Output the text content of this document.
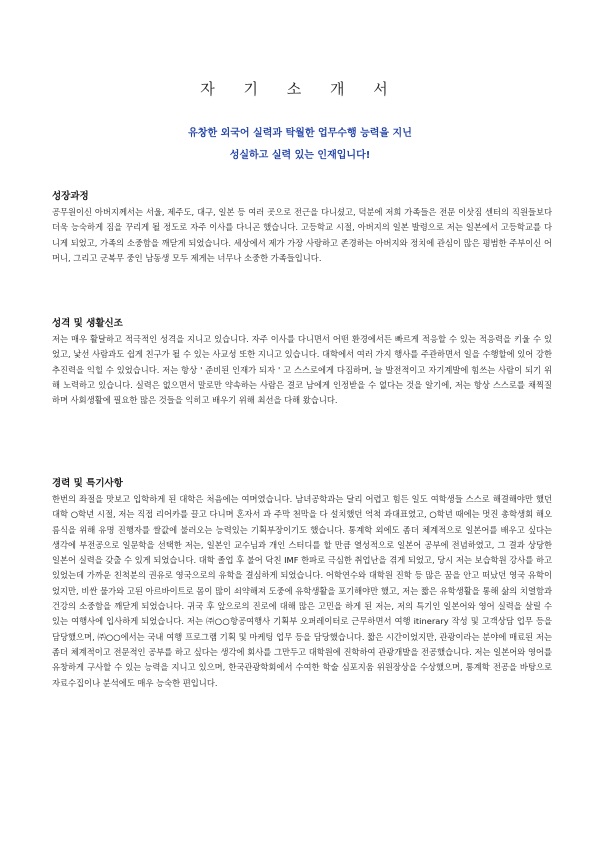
자 기 소 개 서

유창한 외국어 실력과 탁월한 업무수행 능력을 지닌

성실하고 실력 있는 인재입니다!

성장과정

공무원이신 아버지께서는 서울, 제주도, 대구, 일본 등 여러 곳으로 전근을 다니셨고, 덕분에 저희 가족들은 전문 이삿짐 센터의 직원들보다 더욱 능숙하게 짐을 꾸리게 될 정도로 자주 이사를 다니곤 했습니다. 고등학교 시절, 아버지의 일본 발령으로 저는 일본에서 고등학교를 다니게 되었고, 가족의 소중함을 깨닫게 되었습니다. 세상에서 제가 가장 사랑하고 존경하는 아버지와 정치에 관심이 많은 평범한 주부이신 어머니, 그리고 군복무 중인 남동생 모두 제게는 너무나 소중한 가족들입니다.

성격 및 생활신조

저는 매우 활달하고 적극적인 성격을 지니고 있습니다. 자주 이사를 다니면서 어떤 환경에서든 빠르게 적응할 수 있는 적응력을 키울 수 있었고, 낯선 사람과도 쉽게 친구가 될 수 있는 사교성 또한 지니고 있습니다. 대학에서 여러 가지 행사를 주관하면서 일을 수행할에 있어 강한 추진력을 익힐 수 있었습니다. 저는 항상 ' 준비된 인재가 되자 ' 고 스스로에게 다짐하며, 늘 발전적이고 자기계발에 힘쓰는 사람이 되기 위해 노력하고 있습니다. 실력은 없으면서 말로만 약속하는 사람은 결코 남에게 인정받을 수 없다는 것을 알기에, 저는 항상 스스로를 채찍질하며 사회생활에 필요한 많은 것들을 익히고 배우기 위해 최선을 다해 왔습니다.

경력 및 특기사항

한번의 좌절을 맛보고 입학하게 된 대학은 처음에는 여며였습니다. 남녀공학과는 달리 어렵고 힘든 일도 여학생들 스스로 해결해야만 했던 대학 ○학년 시절, 저는 직접 리어카를 끌고 다니며 혼자서 과 주막 천막을 다 설치했던 억척 과대표였고, ○학년 때에는 멋진 총학생회 해오름식을 위해 유명 진행자를 쌀값에 불러오는 능력있는 기획부장이기도 했습니다. 통계학 외에도 좀더 체계적으로 일본어를 배우고 싶다는 생각에 부전공으로 일문학을 선택한 저는, 일본인 교수님과 개인 스터디를 할 만큼 열성적으로 일본어 공부에 전념하였고, 그 결과 상당한 일본어 실력을 갖출 수 있게 되었습니다. 대학 졸업 후 불어 닥친 IMF 한파로 극심한 취업난을 겪게 되었고, 당시 저는 보습학원 강사를 하고 있었는데 가까운 친척분의 권유로 영국으로의 유학을 결심하게 되었습니다. 어학연수와 대학원 진학 등 많은 꿈을 안고 떠났던 영국 유학이었지만, 비싼 물가와 고된 아르바이트로 몸이 많이 쇠약해져 도중에 유학생활을 포기해야만 했고, 저는 짧은 유학생활을 통해 삶의 치열함과 건강의 소중함을 깨닫게 되었습니다. 귀국 후 앞으로의 진로에 대해 많은 고민을 하게 된 저는, 저의 특기인 일본어와 영어 실력을 살릴 수 있는 여행사에 입사하게 되었습니다. 저는 ㈜○○항공여행사 기획부 오퍼레이터로 근무하면서 여행 itinerary 작성 및 고객상담 업무 등을 담당했으며, ㈜○○에서는 국내 여행 프로그램 기획 및 마케팅 업무 등을 담당했습니다. 짧은 시간이었지만, 관광이라는 분야에 매료된 저는 좀더 체계적이고 전문적인 공부를 하고 싶다는 생각에 회사를 그만두고 대학원에 진학하여 관광개발을 전공했습니다. 저는 일본어와 영어를 유창하게 구사할 수 있는 능력을 지니고 있으며, 한국관광학회에서 수여한 학술 심포지움 위원장상을 수상했으며, 통계학 전공을 바탕으로 자료수집이나 분석에도 매우 능숙한 편입니다.
